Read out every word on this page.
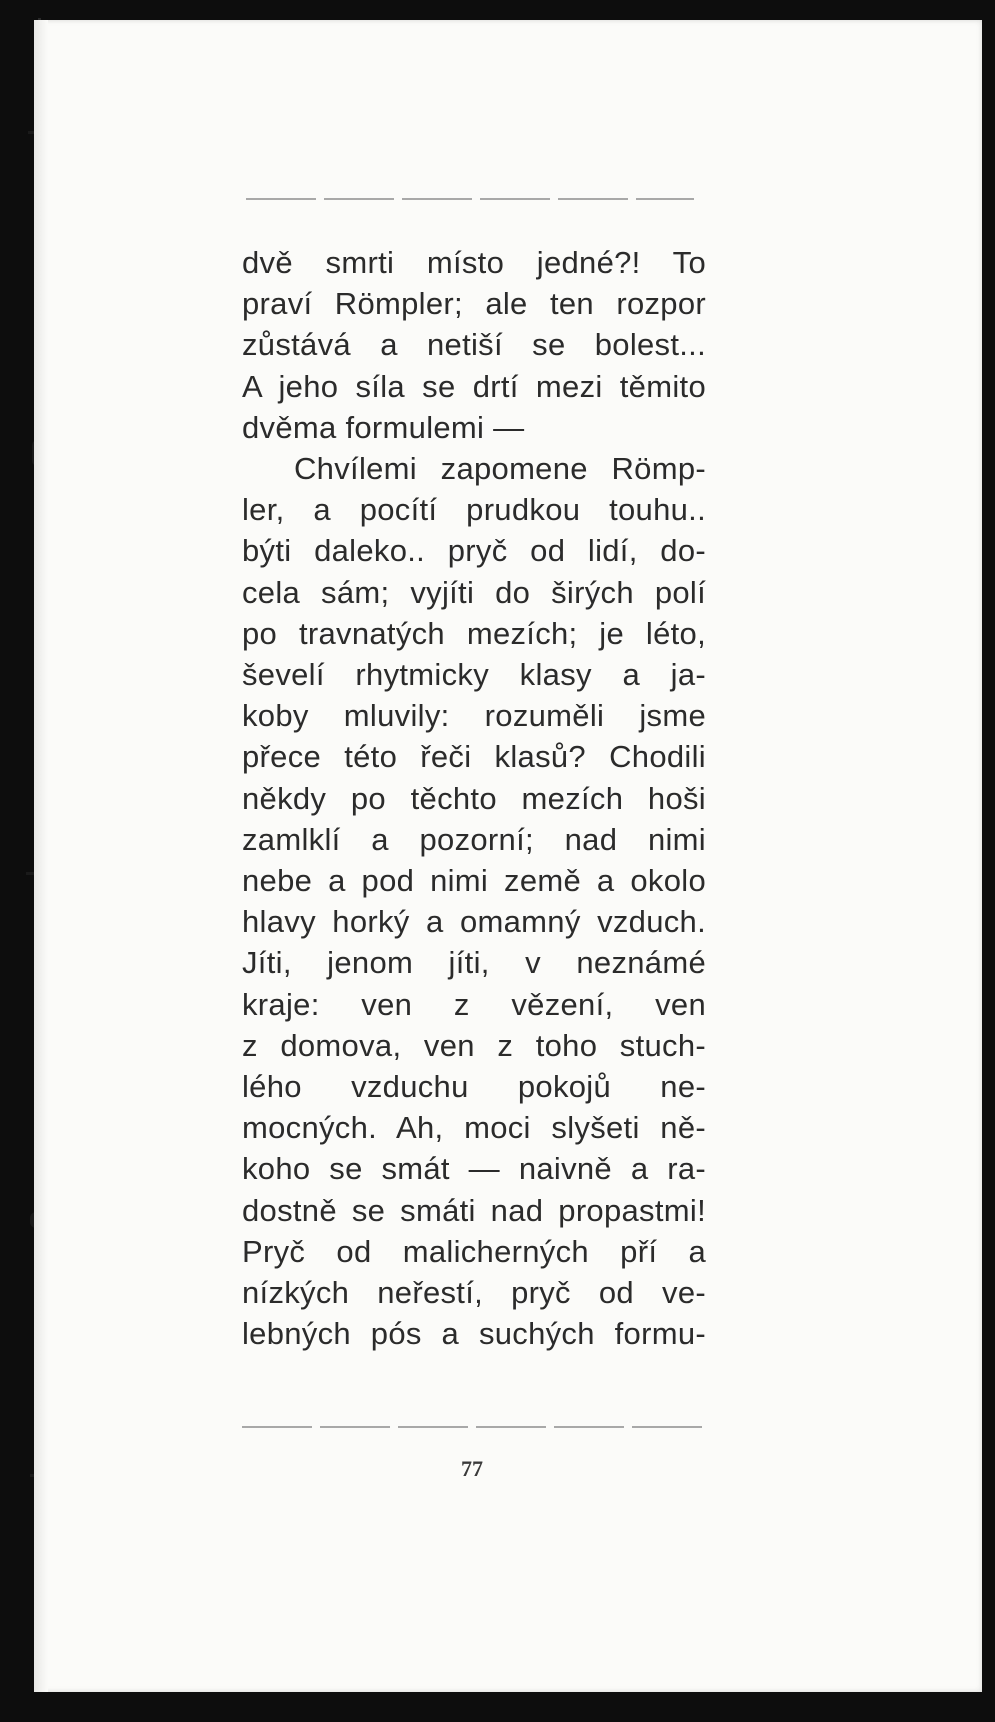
dvě smrti místo jedné?! To
praví Römpler; ale ten rozpor
zůstává a netiší se bolest...
A jeho síla se drtí mezi těmito
dvěma formulemi —
Chvílemi zapomene Römp-
ler, a pocítí prudkou touhu..
býti daleko.. pryč od lidí, do-
cela sám; vyjíti do širých polí
po travnatých mezích; je léto,
ševelí rhytmicky klasy a ja-
koby mluvily: rozuměli jsme
přece této řeči klasů? Chodili
někdy po těchto mezích hoši
zamlklí a pozorní; nad nimi
nebe a pod nimi země a okolo
hlavy horký a omamný vzduch.
Jíti, jenom jíti, v neznámé
kraje: ven z vězení, ven
z domova, ven z toho stuch-
lého vzduchu pokojů ne-
mocných. Ah, moci slyšeti ně-
koho se smát — naivně a ra-
dostně se smáti nad propastmi!
Pryč od malicherných pří a
nízkých neřestí, pryč od ve-
lebných pós a suchých formu-
77
